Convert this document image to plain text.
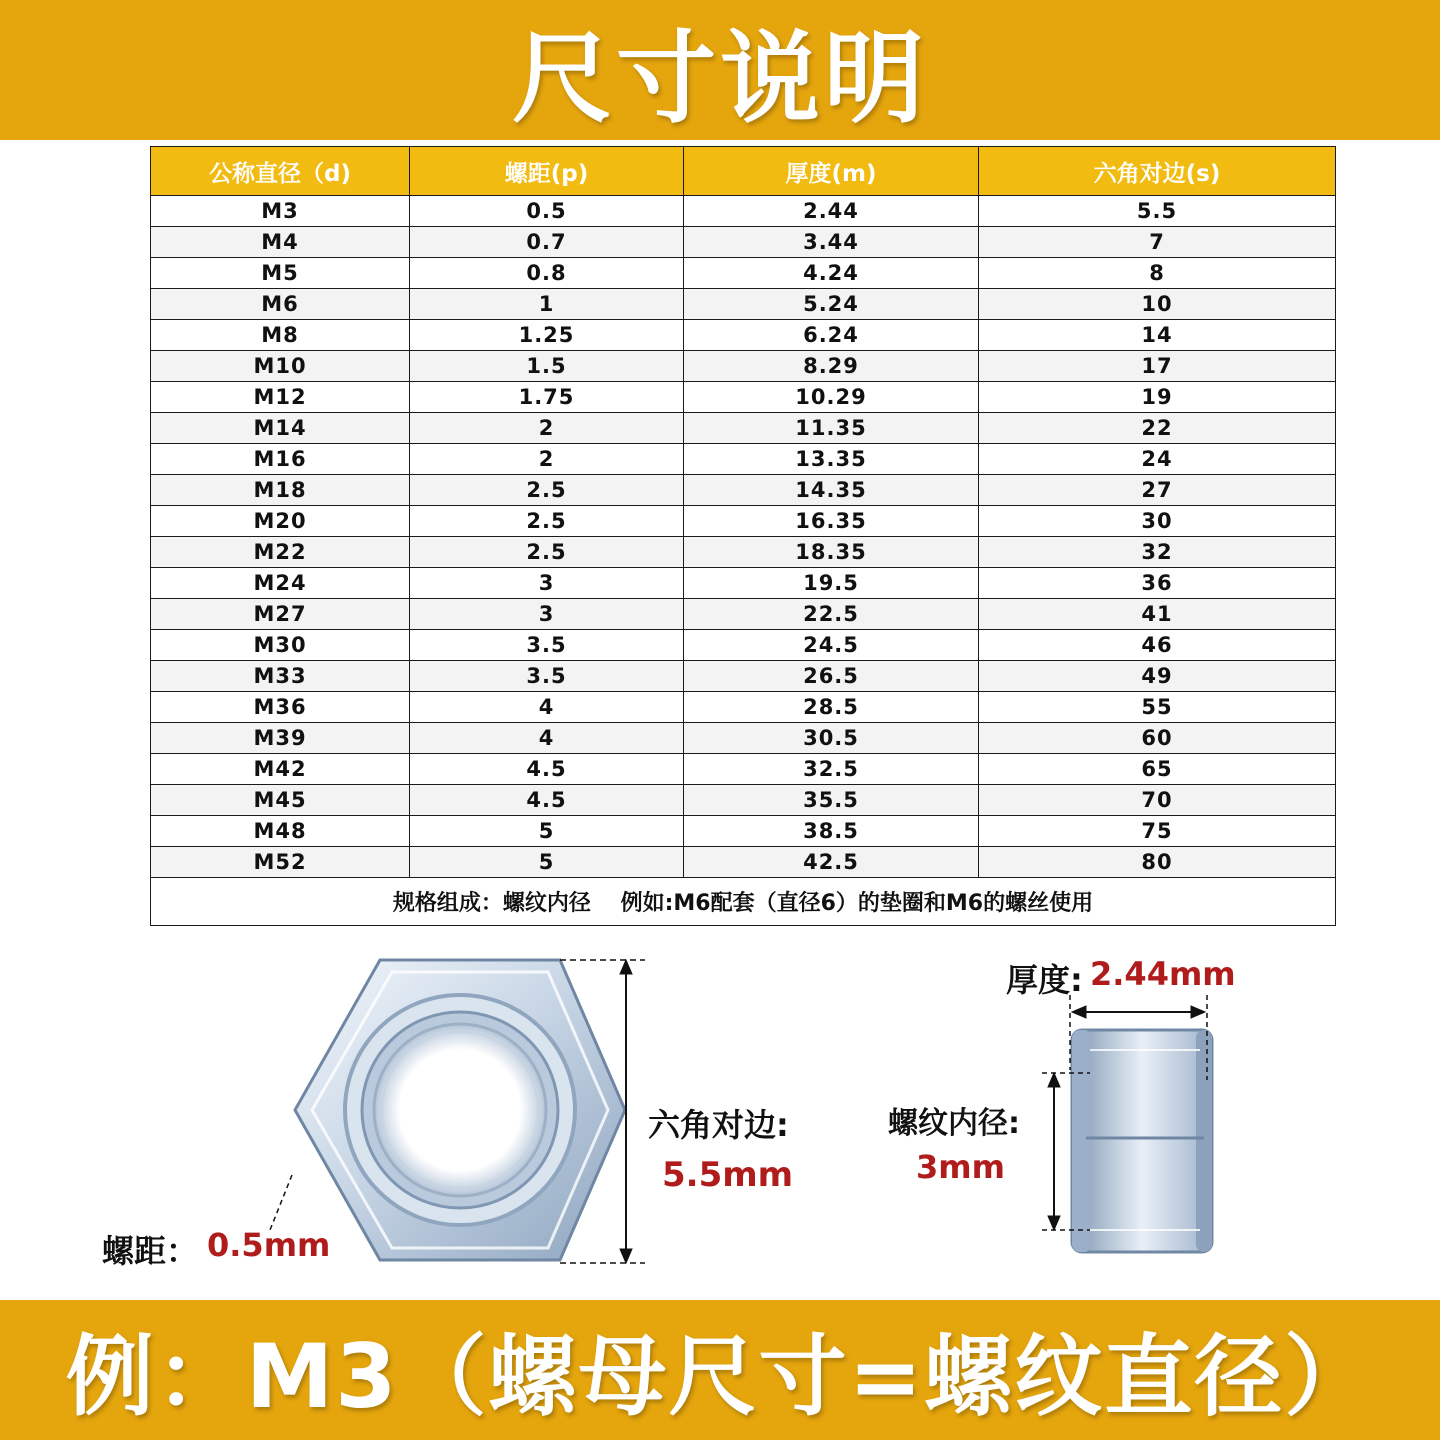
尺寸说明
公称直径（d)	螺距(p)	厚度(m)	六角对边(s)
M3	0.5	2.44	5.5
M4	0.7	3.44	7
M5	0.8	4.24	8
M6	1	5.24	10
M8	1.25	6.24	14
M10	1.5	8.29	17
M12	1.75	10.29	19
M14	2	11.35	22
M16	2	13.35	24
M18	2.5	14.35	27
M20	2.5	16.35	30
M22	2.5	18.35	32
M24	3	19.5	36
M27	3	22.5	41
M30	3.5	24.5	46
M33	3.5	26.5	49
M36	4	28.5	55
M39	4	30.5	60
M42	4.5	32.5	65
M45	4.5	35.5	70
M48	5	38.5	75
M52	5	42.5	80
规格组成：螺纹内径　 例如:M6配套（直径6）的垫圈和M6的螺丝使用			
六角对边:
5.5mm
螺距： 0.5mm
厚度: 2.44mm
螺纹内径:
3mm
例：M3（螺母尺寸=螺纹直径）
